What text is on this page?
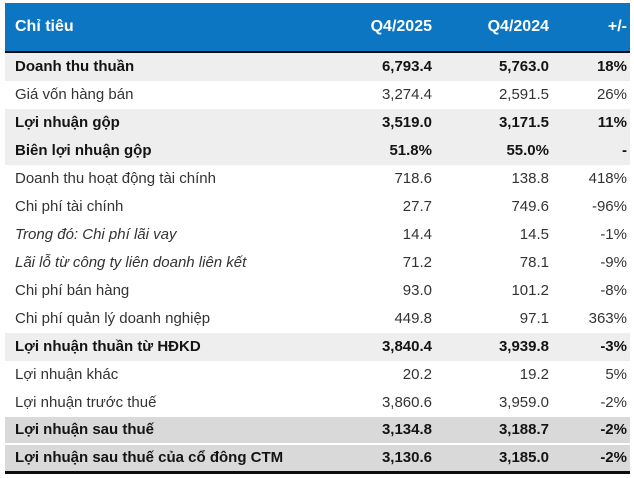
Chỉ tiêu	Q4/2025	Q4/2024	+/-
Doanh thu thuần	6,793.4	5,763.0	18%
Giá vốn hàng bán	3,274.4	2,591.5	26%
Lợi nhuận gộp	3,519.0	3,171.5	11%
Biên lợi nhuận gộp	51.8%	55.0%	-
Doanh thu hoạt động tài chính	718.6	138.8	418%
Chi phí tài chính	27.7	749.6	-96%
Trong đó: Chi phí lãi vay	14.4	14.5	-1%
Lãi lỗ từ công ty liên doanh liên kết	71.2	78.1	-9%
Chi phí bán hàng	93.0	101.2	-8%
Chi phí quản lý doanh nghiệp	449.8	97.1	363%
Lợi nhuận thuần từ HĐKD	3,840.4	3,939.8	-3%
Lợi nhuận khác	20.2	19.2	5%
Lợi nhuận trước thuế	3,860.6	3,959.0	-2%
Lợi nhuận sau thuế	3,134.8	3,188.7	-2%
Lợi nhuận sau thuế của cổ đông CTM	3,130.6	3,185.0	-2%
